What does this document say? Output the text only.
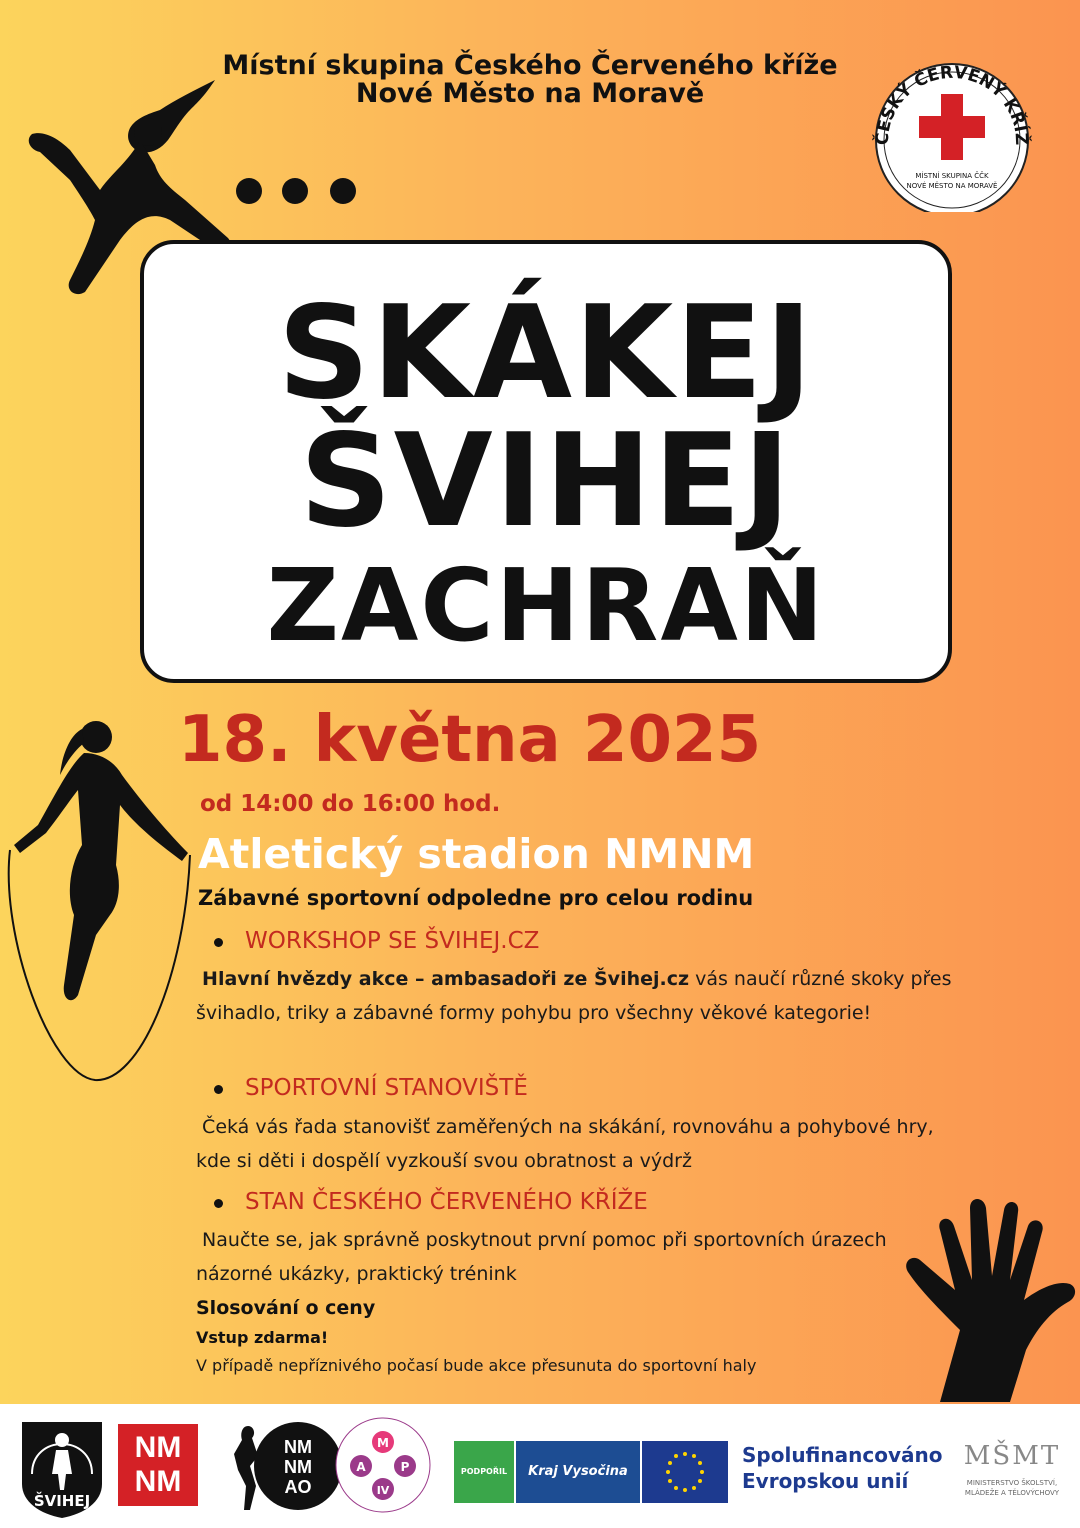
Místní skupina Českého Červeného kříže
Nové Město na Moravě
ČESKÝ ČERVENÝ KŘÍŽ
MÍSTNÍ SKUPINA ČČK
NOVÉ MĚSTO NA MORAVĚ
SKÁKEJ
ŠVIHEJ
ZACHRAŇ
18. května 2025
od 14:00 do 16:00 hod.
Atletický stadion NMNM
Zábavné sportovní odpoledne pro celou rodinu
WORKSHOP SE ŠVIHEJ.CZ
Hlavní hvězdy akce – ambasadoři ze Švihej.cz vás naučí různé skoky přes švihadlo, triky a zábavné formy pohybu pro všechny věkové kategorie!
SPORTOVNÍ STANOVIŠTĚ
Čeká vás řada stanovišť zaměřených na skákání, rovnováhu a pohybové hry, kde si děti i dospělí vyzkouší svou obratnost a výdrž
STAN ČESKÉHO ČERVENÉHO KŘÍŽE
Naučte se, jak správně poskytnout první pomoc při sportovních úrazech názorné ukázky, praktický trénink
Slosování o ceny
Vstup zdarma!
V případě nepříznivého počasí bude akce přesunuta do sportovní haly
ŠVIHEJ
NM
NM
NM
NM
AO
M
A	P
IV
PODPOŘIL	Kraj Vysočina
Spolufinancováno
Evropskou unií
MŠMT
MINISTERSTVO ŠKOLSTVÍ,
MLÁDEŽE A TĚLOVÝCHOVY
